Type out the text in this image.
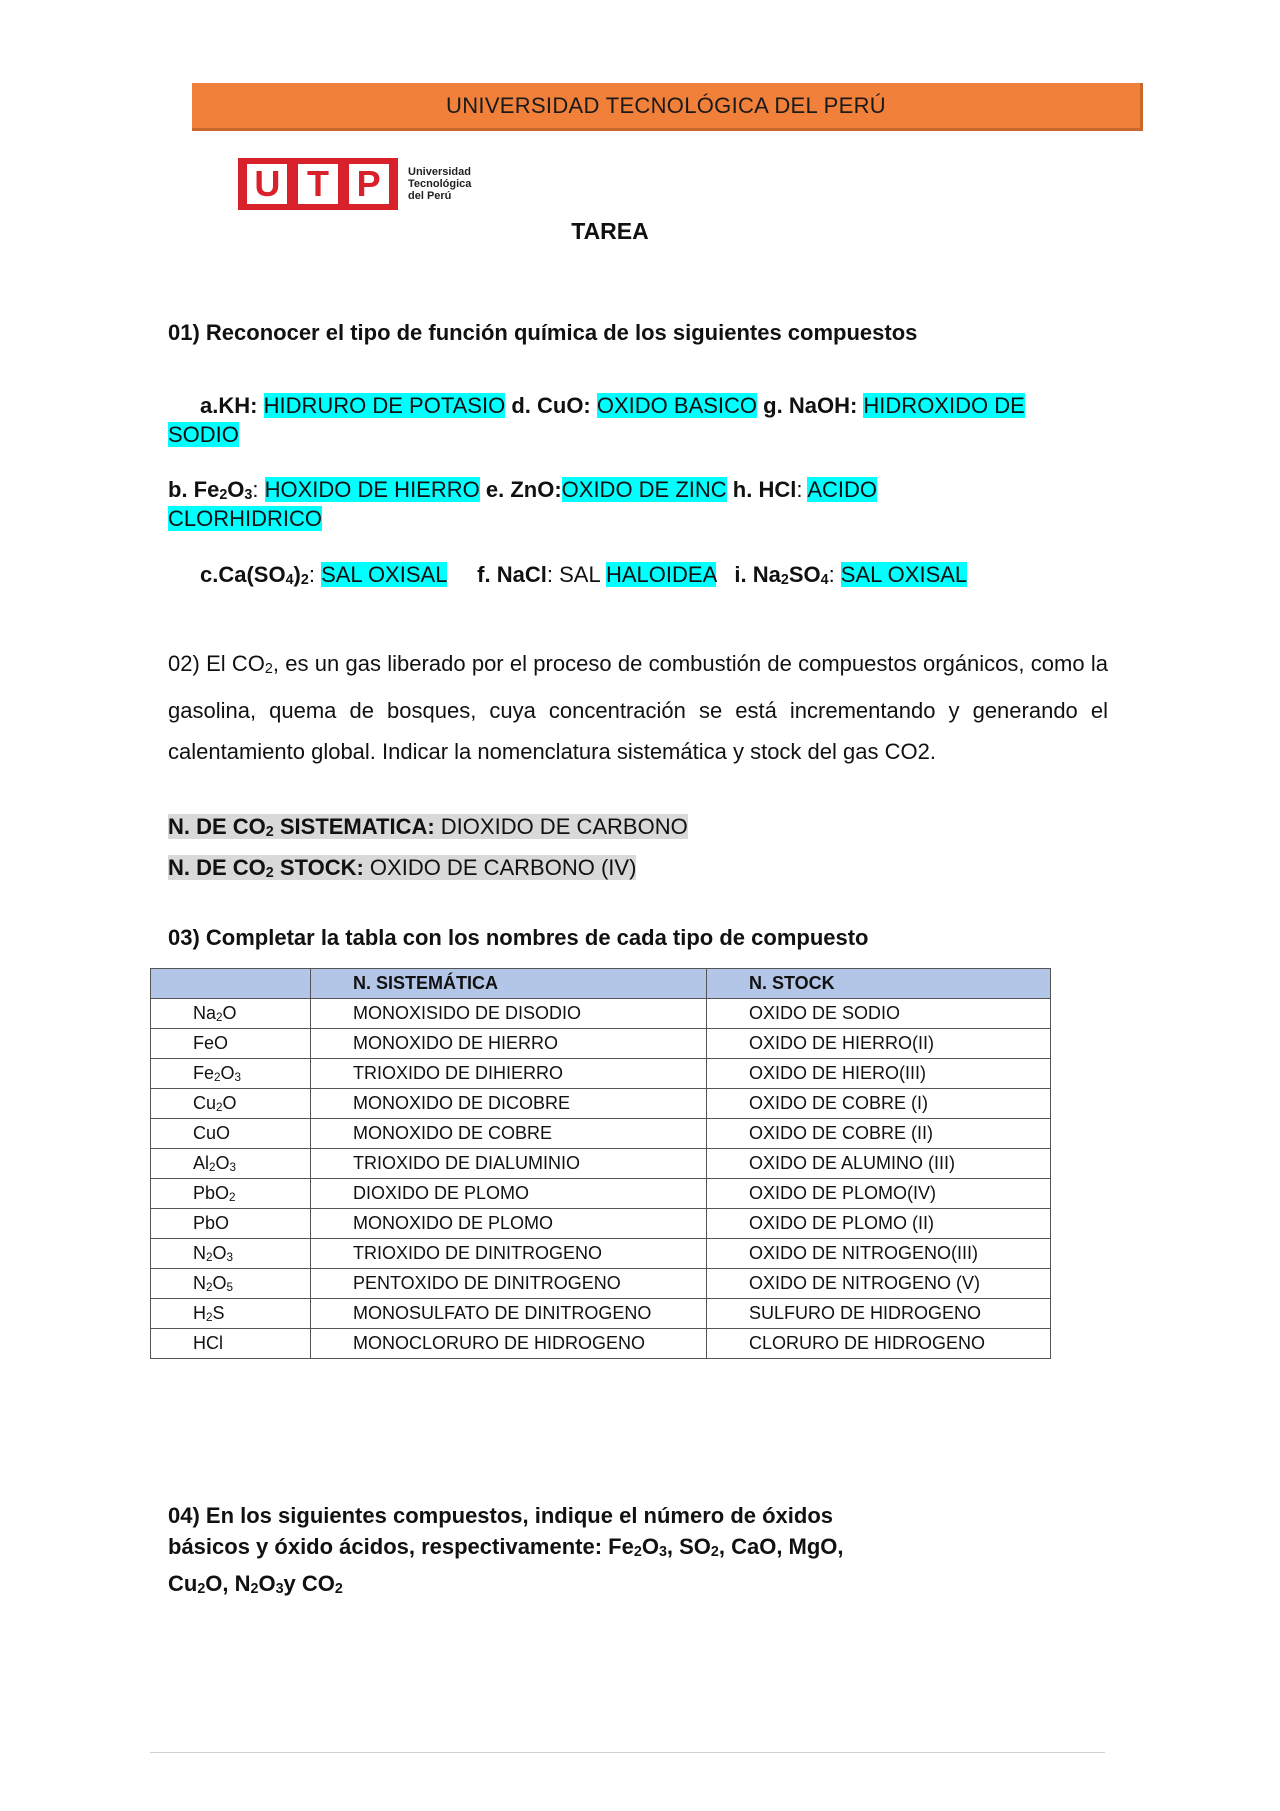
UNIVERSIDAD TECNOLÓGICA DEL PERÚ
U T P	Universidad
Tecnológica
del Perú
TAREA
01) Reconocer el tipo de función química de los siguientes compuestos
a.KH: HIDRURO DE POTASIO d. CuO: OXIDO BASICO g. NaOH: HIDROXIDO DE
SODIO
b. $Fe_2O_3$: HOXIDO DE HIERRO e. ZnO:OXIDO DE ZINC h. HCl: ACIDO
CLORHIDRICO
$c.Ca(SO_4)_2$: SAL OXISAL f. NaCl: SAL HALOIDEA i. $Na_2SO_4$: SAL OXISAL
02) El $CO_2$, es un gas liberado por el proceso de combustión de compuestos orgánicos, como la gasolina, quema de bosques, cuya concentración se está incrementando y generando el calentamiento global. Indicar la nomenclatura sistemática y stock del gas CO2.
N. DE $CO_2$ SISTEMATICA: DIOXIDO DE CARBONO
N. DE $CO_2$ STOCK: OXIDO DE CARBONO (IV)
03) Completar la tabla con los nombres de cada tipo de compuesto
	N. SISTEMÁTICA	N. STOCK
$Na_2O$	MONOXISIDO DE DISODIO	OXIDO DE SODIO
FeO	MONOXIDO DE HIERRO	OXIDO DE HIERRO(II)
$Fe_2O_3$	TRIOXIDO DE DIHIERRO	OXIDO DE HIERO(III)
$Cu_2O$	MONOXIDO DE DICOBRE	OXIDO DE COBRE (I)
CuO	MONOXIDO DE COBRE	OXIDO DE COBRE (II)
$Al_2O_3$	TRIOXIDO DE DIALUMINIO	OXIDO DE ALUMINO (III)
PbO$_2$	DIOXIDO DE PLOMO	OXIDO DE PLOMO(IV)
PbO	MONOXIDO DE PLOMO	OXIDO DE PLOMO (II)
$N_2O_3$	TRIOXIDO DE DINITROGENO	OXIDO DE NITROGENO(III)
$N_2O_5$	PENTOXIDO DE DINITROGENO	OXIDO DE NITROGENO (V)
$H_2S$	MONOSULFATO DE DINITROGENO	SULFURO DE HIDROGENO
HCl	MONOCLORURO DE HIDROGENO	CLORURO DE HIDROGENO
04) En los siguientes compuestos, indique el número de óxidos
básicos y óxido ácidos, respectivamente: $Fe_2O_3$, $SO_2$, CaO, MgO,
$Cu_2O$, $N_2O_3y$ $CO_2$
